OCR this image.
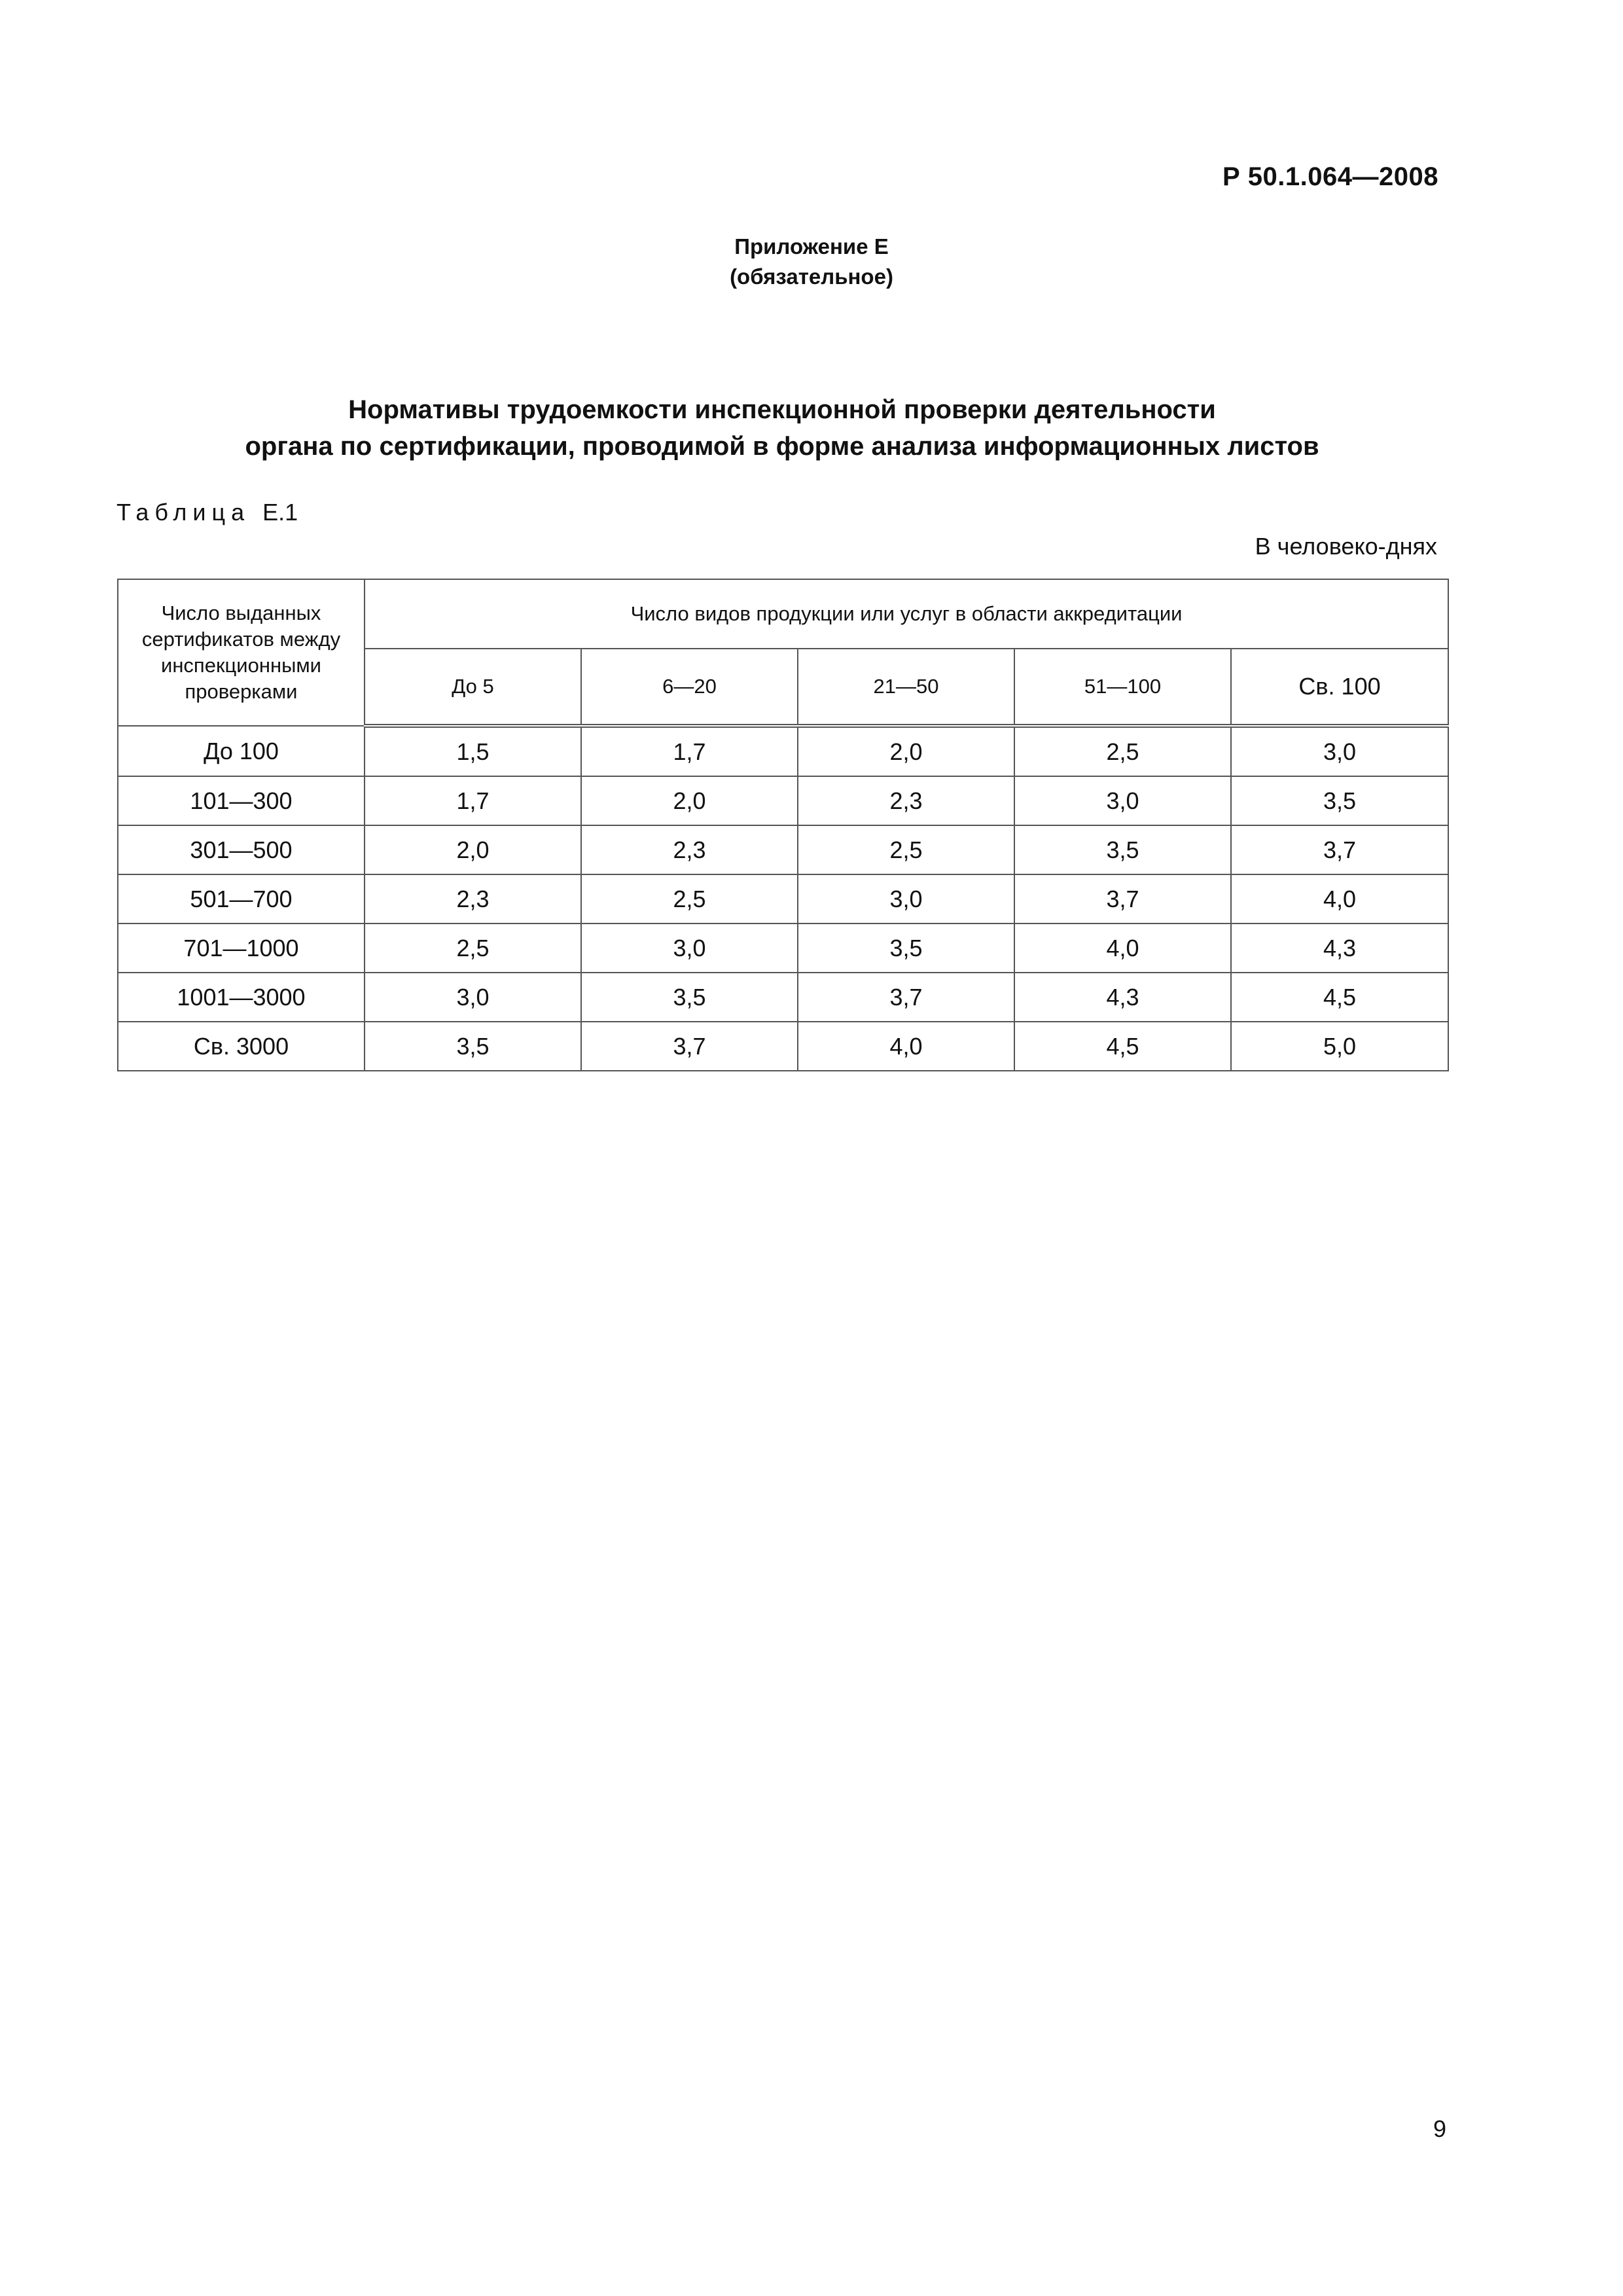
Р 50.1.064—2008
Приложение Е
(обязательное)
Нормативы трудоемкости инспекционной проверки деятельности
органа по сертификации, проводимой в форме анализа информационных листов
Таблица Е.1
В человеко-днях
Число выданных сертификатов между инспекционными проверками	Число видов продукции или услуг в области аккредитации				
	До 5	6—20	21—50	51—100	Св. 100
До 100	1,5	1,7	2,0	2,5	3,0
101—300	1,7	2,0	2,3	3,0	3,5
301—500	2,0	2,3	2,5	3,5	3,7
501—700	2,3	2,5	3,0	3,7	4,0
701—1000	2,5	3,0	3,5	4,0	4,3
1001—3000	3,0	3,5	3,7	4,3	4,5
Св. 3000	3,5	3,7	4,0	4,5	5,0
9
